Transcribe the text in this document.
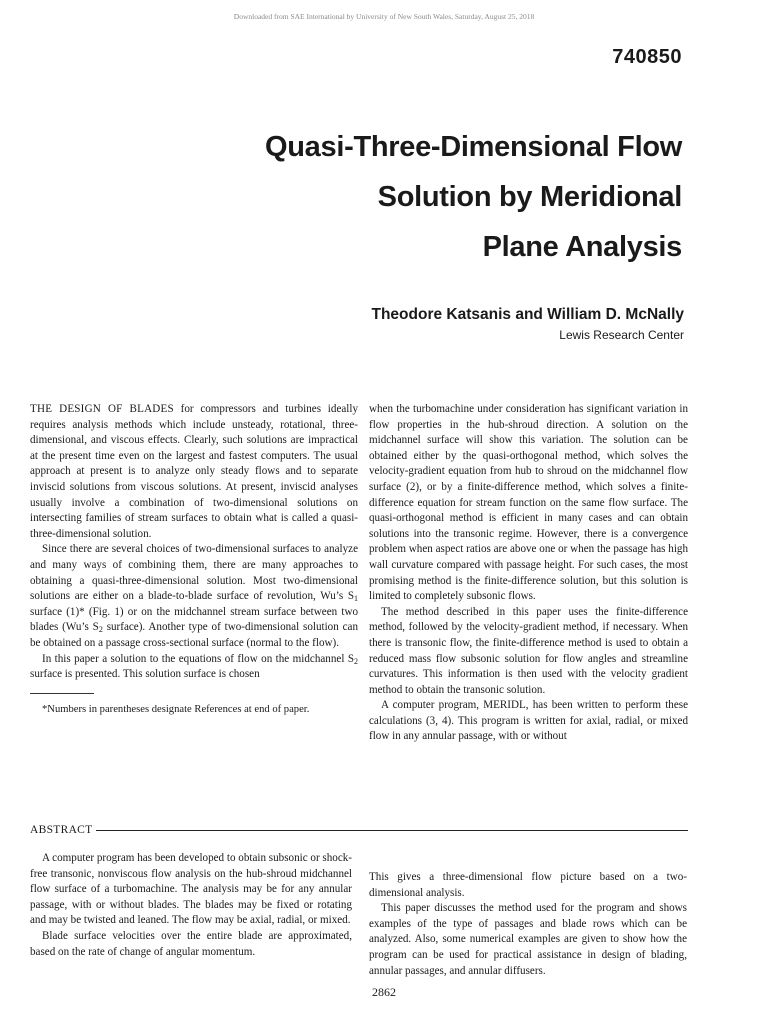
Downloaded from SAE International by University of New South Wales, Saturday, August 25, 2018
740850
Quasi-Three-Dimensional Flow
Solution by Meridional
Plane Analysis
Theodore Katsanis and William D. McNally
Lewis Research Center

THE DESIGN OF BLADES for compressors and turbines ideally requires analysis methods which include unsteady, rotational, three-dimensional, and viscous effects. Clearly, such solutions are impractical at the present time even on the largest and fastest computers. The usual approach at present is to analyze only steady flows and to separate inviscid solutions from viscous solutions. At present, inviscid analyses usually involve a combination of two-dimensional solutions on intersecting families of stream surfaces to obtain what is called a quasi-three-dimensional solution.

Since there are several choices of two-dimensional surfaces to analyze and many ways of combining them, there are many approaches to obtaining a quasi-three-dimensional solution. Most two-dimensional solutions are either on a blade-to-blade surface of revolution, Wu’s $S_1$ surface (1)* (Fig. 1) or on the midchannel stream surface between two blades (Wu’s $S_2$ surface). Another type of two-dimensional solution can be obtained on a passage cross-sectional surface (normal to the flow).

In this paper a solution to the equations of flow on the midchannel $S_2$ surface is presented. This solution surface is chosen

*Numbers in parentheses designate References at end of paper.

when the turbomachine under consideration has significant variation in flow properties in the hub-shroud direction. A solution on the midchannel surface will show this variation. The solution can be obtained either by the quasi-orthogonal method, which solves the velocity-gradient equation from hub to shroud on the midchannel flow surface (2), or by a finite-difference method, which solves a finite-difference equation for stream function on the same flow surface. The quasi-orthogonal method is efficient in many cases and can obtain solutions into the transonic regime. However, there is a convergence problem when aspect ratios are above one or when the passage has high wall curvature compared with passage height. For such cases, the most promising method is the finite-difference solution, but this solution is limited to completely subsonic flows.

The method described in this paper uses the finite-difference method, followed by the velocity-gradient method, if necessary. When there is transonic flow, the finite-difference method is used to obtain a reduced mass flow subsonic solution for flow angles and streamline curvatures. This information is then used with the velocity gradient method to obtain the transonic solution.

A computer program, MERIDL, has been written to perform these calculations (3, 4). This program is written for axial, radial, or mixed flow in any annular passage, with or without

ABSTRACT

A computer program has been developed to obtain subsonic or shock-free transonic, nonviscous flow analysis on the hub-shroud midchannel flow surface of a turbomachine. The analysis may be for any annular passage, with or without blades. The blades may be fixed or rotating and may be twisted and leaned. The flow may be axial, radial, or mixed.

Blade surface velocities over the entire blade are approximated, based on the rate of change of angular momentum.

This gives a three-dimensional flow picture based on a two-dimensional analysis.

This paper discusses the method used for the program and shows examples of the type of passages and blade rows which can be analyzed. Also, some numerical examples are given to show how the program can be used for practical assistance in design of blading, annular passages, and annular diffusers.

2862
